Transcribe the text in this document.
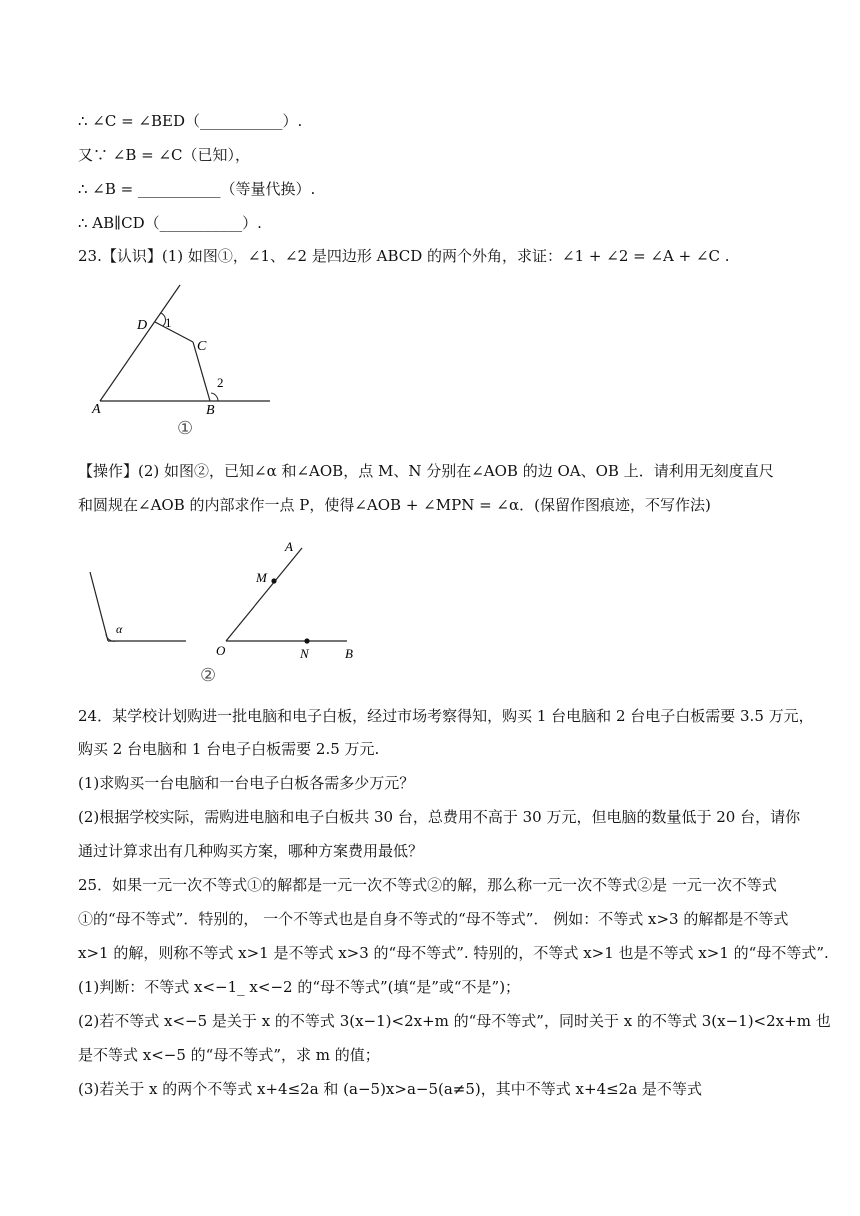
∴ ∠C = ∠BED（___________）.
又∵ ∠B = ∠C（已知），
∴ ∠B = ___________（等量代换）.
∴ AB∥CD（___________）.
23.【认识】(1) 如图①，∠1、∠2 是四边形 ABCD 的两个外角，求证：∠1 + ∠2 = ∠A + ∠C .
D 1
C
2
A	B
①
【操作】(2) 如图②，已知∠α 和∠AOB，点 M、N 分别在∠AOB 的边 OA、OB 上．请利用无刻度直尺
和圆规在∠AOB 的内部求作一点 P，使得∠AOB + ∠MPN = ∠α．(保留作图痕迹，不写作法)
α
A
M
O	N	B
②
24．某学校计划购进一批电脑和电子白板，经过市场考察得知，购买 1 台电脑和 2 台电子白板需要 3.5 万元，
购买 2 台电脑和 1 台电子白板需要 2.5 万元.
(1)求购买一台电脑和一台电子白板各需多少万元？
(2)根据学校实际，需购进电脑和电子白板共 30 台，总费用不高于 30 万元，但电脑的数量低于 20 台，请你
通过计算求出有几种购买方案，哪种方案费用最低？
25．如果一元一次不等式①的解都是一元一次不等式②的解，那么称一元一次不等式②是 一元一次不等式
①的“母不等式”．特别的， 一个不等式也是自身不等式的“母不等式”． 例如：不等式 x>3 的解都是不等式
x>1 的解，则称不等式 x>1 是不等式 x>3 的“母不等式”. 特别的，不等式 x>1 也是不等式 x>1 的“母不等式”.
(1)判断：不等式 x<−1_ x<−2 的“母不等式”(填“是”或“不是”)；
(2)若不等式 x<−5 是关于 x 的不等式 3(x−1)<2x+m 的“母不等式”，同时关于 x 的不等式 3(x−1)<2x+m 也
是不等式 x<−5 的“母不等式”，求 m 的值；
(3)若关于 x 的两个不等式 x+4≤2a 和 (a−5)x>a−5(a≠5)，其中不等式 x+4≤2a 是不等式
